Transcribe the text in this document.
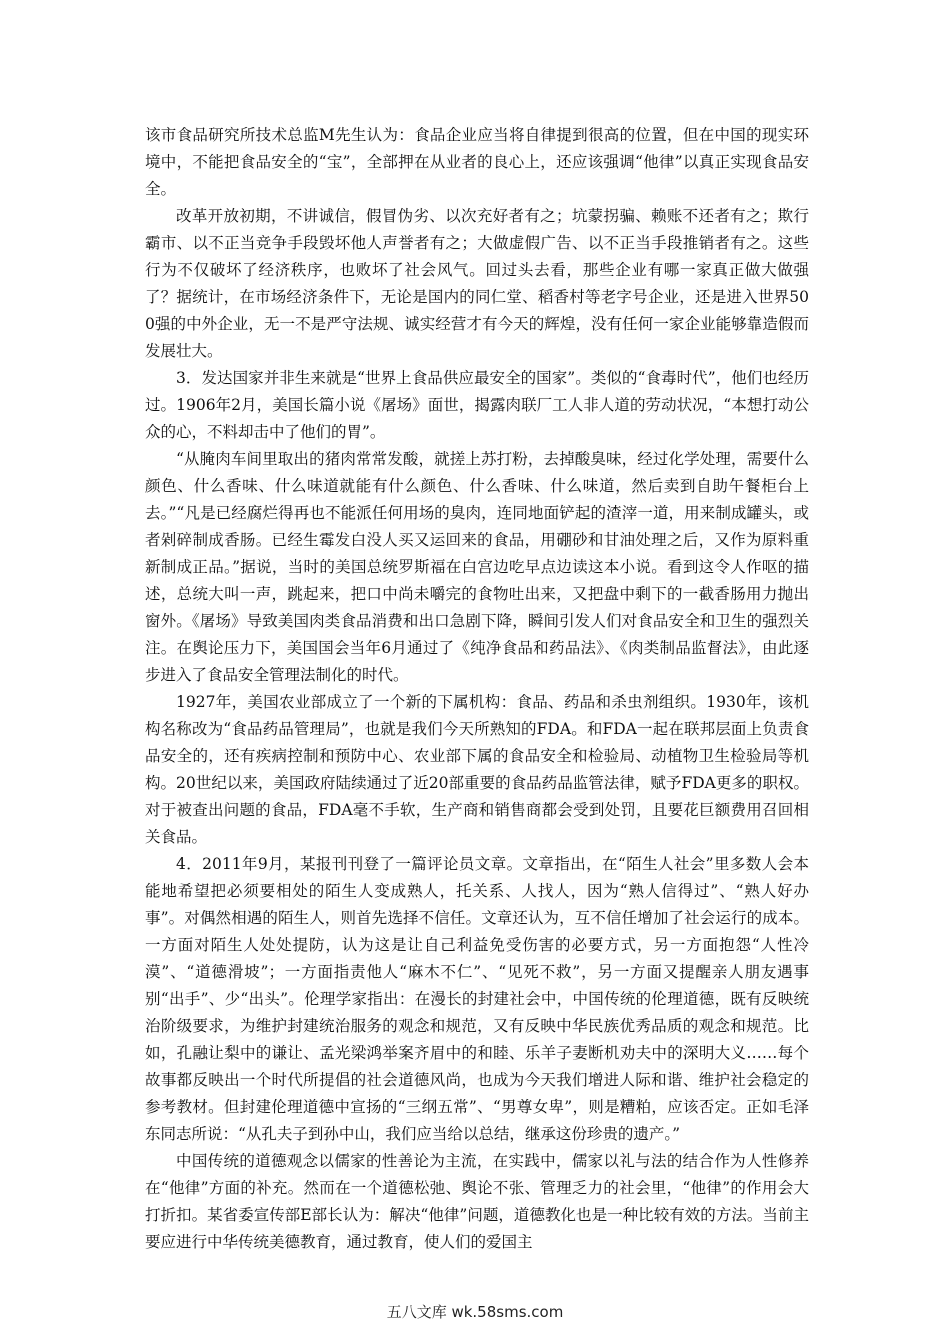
该市食品研究所技术总监M先生认为：食品企业应当将自律提到很高的位置，但在中国的现实环境中，不能把食品安全的“宝”，全部押在从业者的良心上，还应该强调“他律”以真正实现食品安全。

改革开放初期，不讲诚信，假冒伪劣、以次充好者有之；坑蒙拐骗、赖账不还者有之；欺行霸市、以不正当竞争手段毁坏他人声誉者有之；大做虚假广告、以不正当手段推销者有之。这些行为不仅破坏了经济秩序，也败坏了社会风气。回过头去看，那些企业有哪一家真正做大做强了？据统计，在市场经济条件下，无论是国内的同仁堂、稻香村等老字号企业，还是进入世界500强的中外企业，无一不是严守法规、诚实经营才有今天的辉煌，没有任何一家企业能够靠造假而发展壮大。

3．发达国家并非生来就是“世界上食品供应最安全的国家”。类似的“食毒时代”，他们也经历过。1906年2月，美国长篇小说《屠场》面世，揭露肉联厂工人非人道的劳动状况，“本想打动公众的心，不料却击中了他们的胃”。

“从腌肉车间里取出的猪肉常常发酸，就搓上苏打粉，去掉酸臭味，经过化学处理，需要什么颜色、什么香味、什么味道就能有什么颜色、什么香味、什么味道，然后卖到自助午餐柜台上去。”“凡是已经腐烂得再也不能派任何用场的臭肉，连同地面铲起的渣滓一道，用来制成罐头，或者剁碎制成香肠。已经生霉发白没人买又运回来的食品，用硼砂和甘油处理之后，又作为原料重新制成正品。”据说，当时的美国总统罗斯福在白宫边吃早点边读这本小说。看到这令人作呕的描述，总统大叫一声，跳起来，把口中尚未嚼完的食物吐出来，又把盘中剩下的一截香肠用力抛出窗外。《屠场》导致美国肉类食品消费和出口急剧下降，瞬间引发人们对食品安全和卫生的强烈关注。在舆论压力下，美国国会当年6月通过了《纯净食品和药品法》、《肉类制品监督法》，由此逐步进入了食品安全管理法制化的时代。

1927年，美国农业部成立了一个新的下属机构：食品、药品和杀虫剂组织。1930年，该机构名称改为“食品药品管理局”，也就是我们今天所熟知的FDA。和FDA一起在联邦层面上负责食品安全的，还有疾病控制和预防中心、农业部下属的食品安全和检验局、动植物卫生检验局等机构。20世纪以来，美国政府陆续通过了近20部重要的食品药品监管法律，赋予FDA更多的职权。对于被查出问题的食品，FDA毫不手软，生产商和销售商都会受到处罚，且要花巨额费用召回相关食品。

4．2011年9月，某报刊刊登了一篇评论员文章。文章指出，在“陌生人社会”里多数人会本能地希望把必须要相处的陌生人变成熟人，托关系、人找人，因为“熟人信得过”、“熟人好办事”。对偶然相遇的陌生人，则首先选择不信任。文章还认为，互不信任增加了社会运行的成本。一方面对陌生人处处提防，认为这是让自己利益免受伤害的必要方式，另一方面抱怨“人性冷漠”、“道德滑坡”；一方面指责他人“麻木不仁”、“见死不救”，另一方面又提醒亲人朋友遇事别“出手”、少“出头”。伦理学家指出：在漫长的封建社会中，中国传统的伦理道德，既有反映统治阶级要求，为维护封建统治服务的观念和规范，又有反映中华民族优秀品质的观念和规范。比如，孔融让梨中的谦让、孟光梁鸿举案齐眉中的和睦、乐羊子妻断机劝夫中的深明大义……每个故事都反映出一个时代所提倡的社会道德风尚，也成为今天我们增进人际和谐、维护社会稳定的参考教材。但封建伦理道德中宣扬的“三纲五常”、“男尊女卑”，则是糟粕，应该否定。正如毛泽东同志所说：“从孔夫子到孙中山，我们应当给以总结，继承这份珍贵的遗产。”

中国传统的道德观念以儒家的性善论为主流，在实践中，儒家以礼与法的结合作为人性修养在“他律”方面的补充。然而在一个道德松弛、舆论不张、管理乏力的社会里，“他律”的作用会大打折扣。某省委宣传部E部长认为：解决“他律”问题，道德教化也是一种比较有效的方法。当前主要应进行中华传统美德教育，通过教育，使人们的爱国主

五八文库 wk.58sms.com
